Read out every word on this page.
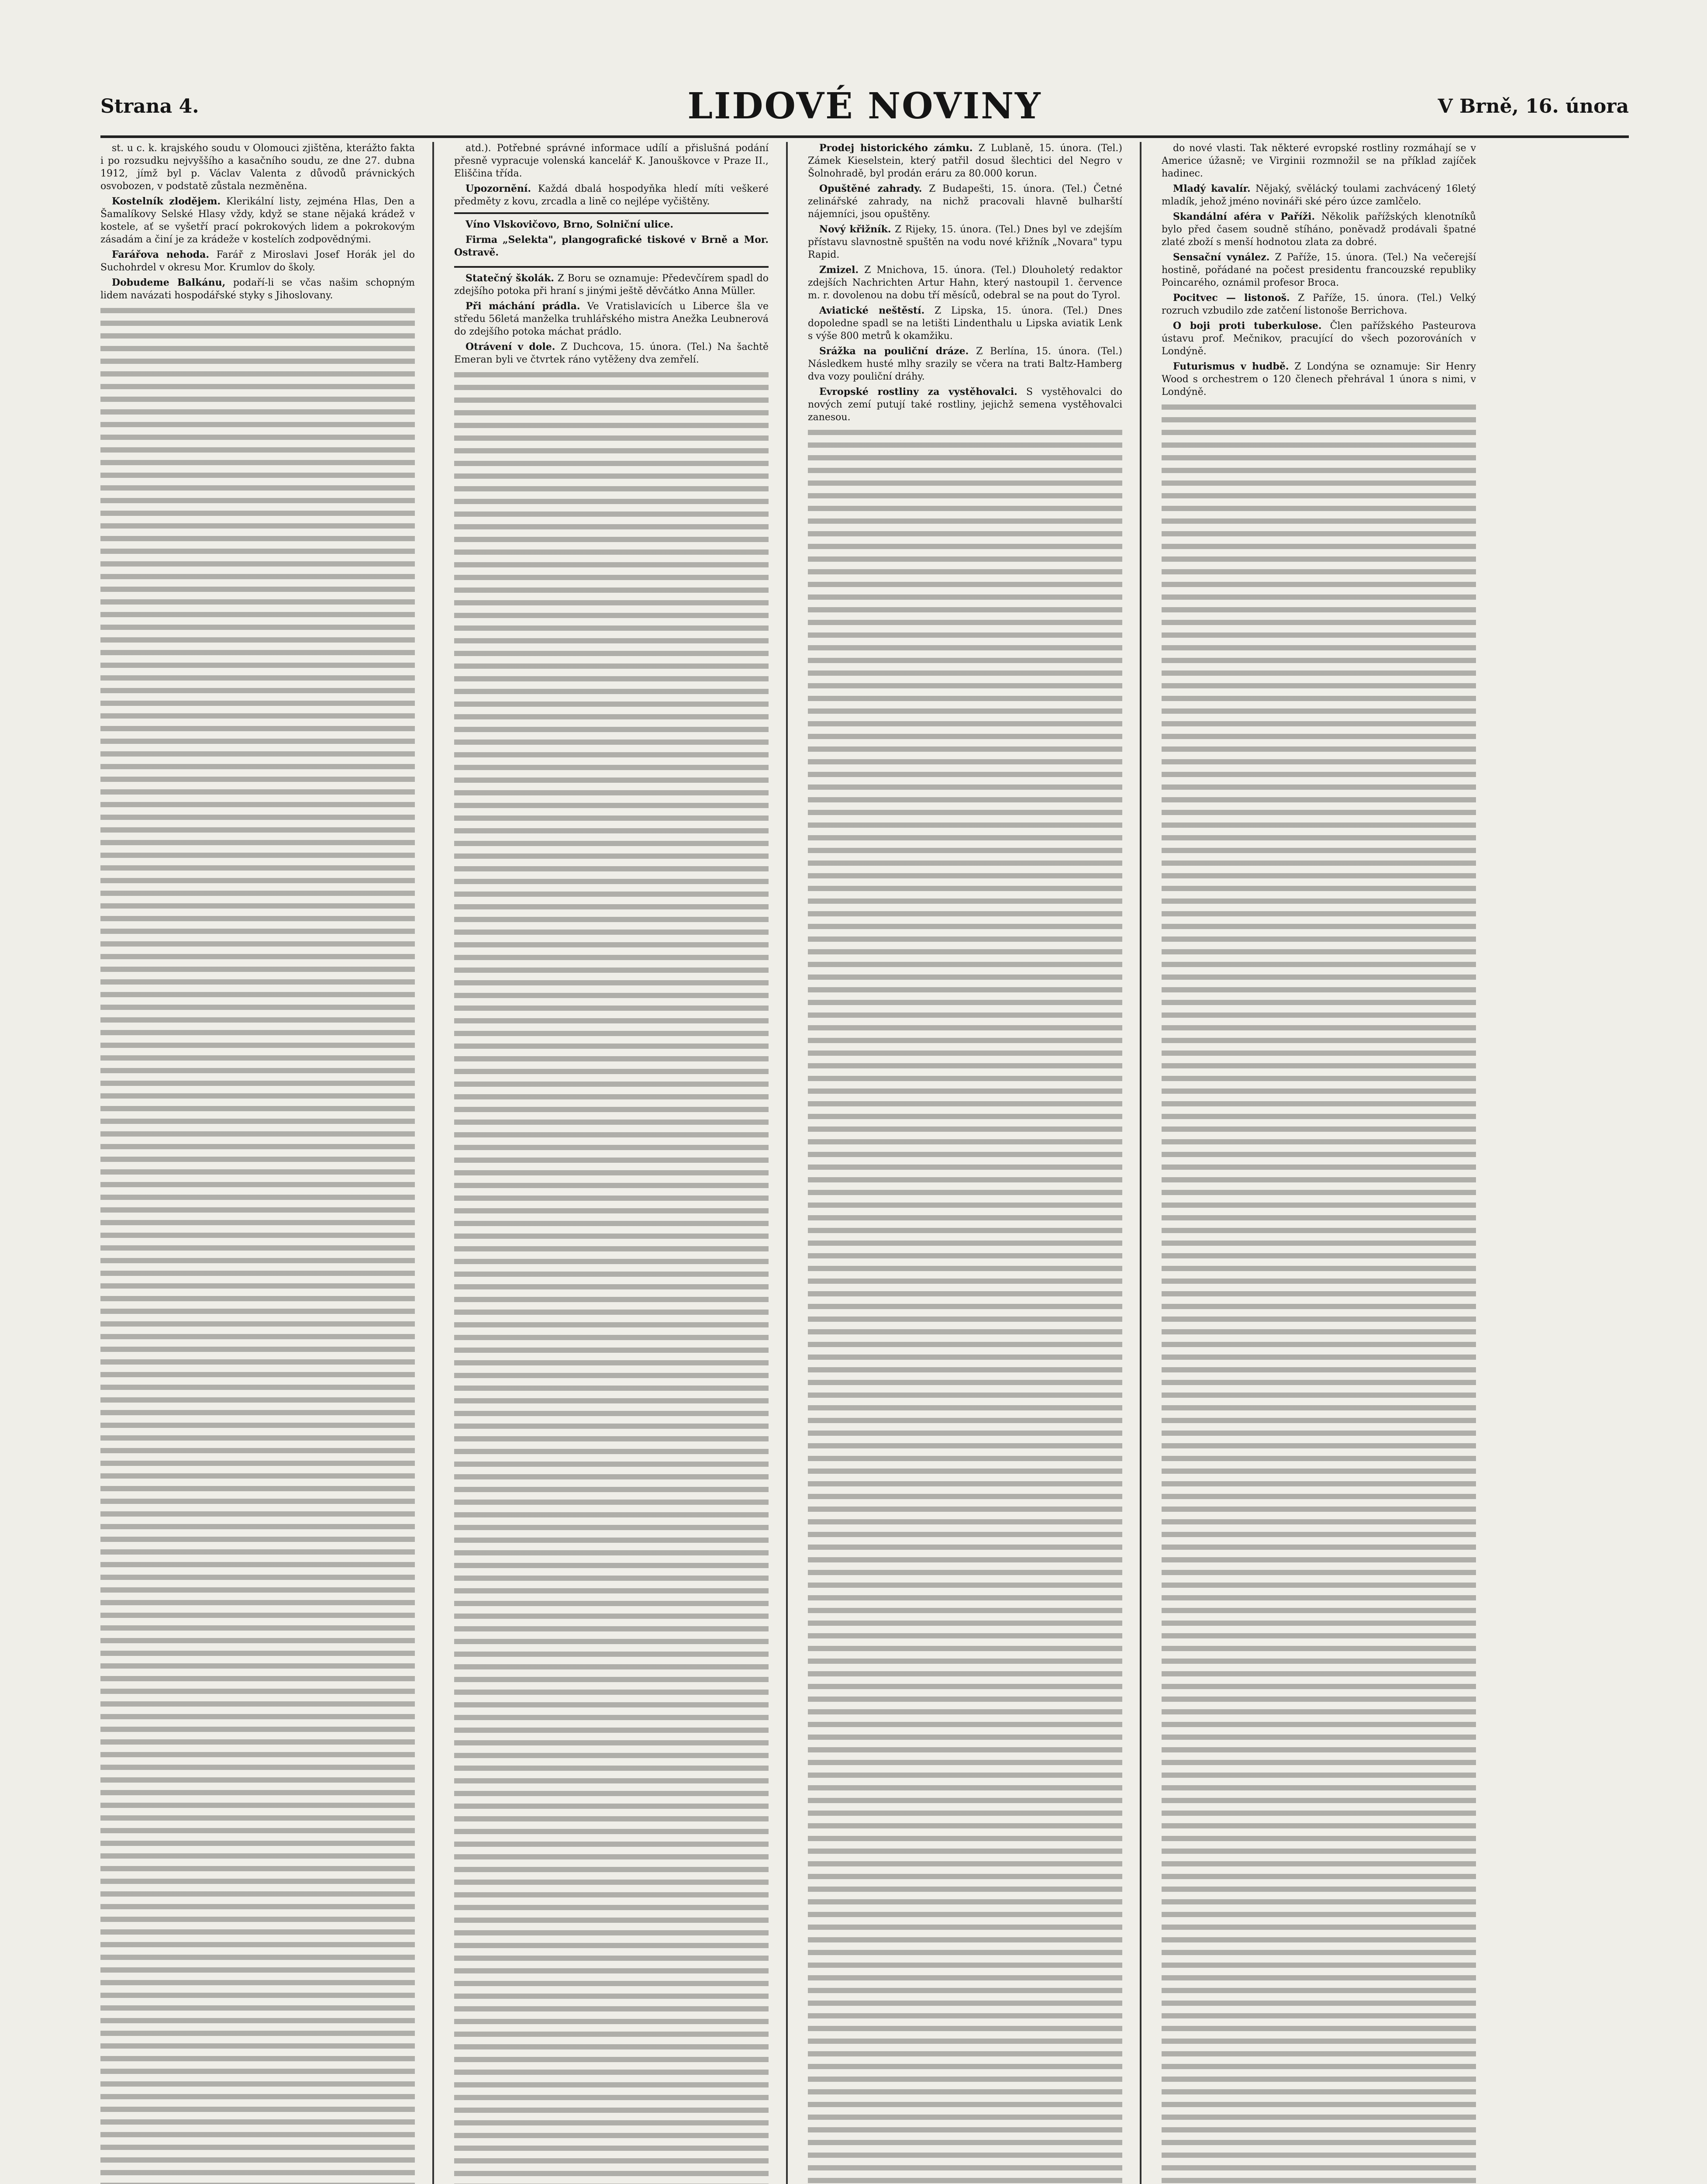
Strana 4.	LIDOVÉ NOVINY	V Brně, 16. února

st. u c. k. krajského soudu v Olomouci zjištěna, kterážto fakta i po rozsudku nejvyššího a kasačního soudu, ze dne 27. dubna 1912, jímž byl p. Václav Valenta z důvodů právnických osvobozen, v podstatě zůstala nezměněna.

Kostelník zlodějem. Klerikální listy, zejména Hlas, Den a Šamalíkovy Selské Hlasy vždy, když se stane nějaká krádež v kostele, ať se vyšetří prací pokrokových lidem a pokrokovým zásadám a činí je za krádeže v kostelích zodpovědnými.

Farářova nehoda. Farář z Miroslavi Josef Horák jel do Suchohrdel v okresu Mor. Krumlov do školy.

Dobudeme Balkánu, podaří-li se včas našim schopným lidem navázati hospodářské styky s Jihoslovany.

atd.). Potřebné správné informace udílí a přislušná podání přesně vypracuje volenská kancelář K. Janouškovce v Praze II., Eliščina třída.

Upozornění. Každá dbalá hospodyňka hledí míti veškeré předměty z kovu, zrcadla a lině co nejlépe vyčištěny.

Víno Vlskovičovo, Brno, Solniční ulice.

Firma „Selekta", plangografické tiskové v Brně a Mor. Ostravě.

Statečný školák. Z Boru se oznamuje: Předevčírem spadl do zdejšího potoka při hraní s jinými ještě děvčátko Anna Müller.

Při máchání prádla. Ve Vratislavicích u Liberce šla ve středu 56letá manželka truhlářského mistra Anežka Leubnerová do zdejšího potoka máchat prádlo.

Otrávení v dole. Z Duchcova, 15. února. (Tel.) Na šachtě Emeran byli ve čtvrtek ráno vytěženy dva zemřelí.

Prodej historického zámku. Z Lublaně, 15. února. (Tel.) Zámek Kieselstein, který patřil dosud šlechtici del Negro v Šolnohradě, byl prodán eráru za 80.000 korun.

Opuštěné zahrady. Z Budapešti, 15. února. (Tel.) Četné zelinářské zahrady, na nichž pracovali hlavně bulharští nájemníci, jsou opuštěny.

Nový křižník. Z Rijeky, 15. února. (Tel.) Dnes byl ve zdejším přístavu slavnostně spuštěn na vodu nové křižník „Novara" typu Rapid.

Zmizel. Z Mnichova, 15. února. (Tel.) Dlouholetý redaktor zdejších Nachrichten Artur Hahn, který nastoupil 1. července m. r. dovolenou na dobu tří měsíců, odebral se na pout do Tyrol.

Aviatické neštěstí. Z Lipska, 15. února. (Tel.) Dnes dopoledne spadl se na letišti Lindenthalu u Lipska aviatik Lenk s výše 800 metrů k okamžiku.

Srážka na pouliční dráze. Z Berlína, 15. února. (Tel.) Následkem husté mlhy srazily se včera na trati Baltz-Hamberg dva vozy pouliční dráhy.

Evropské rostliny za vystěhovalci. S vystěhovalci do nových zemí putují také rostliny, jejichž semena vystěhovalci zanesou.

do nové vlasti. Tak některé evropské rostliny rozmáhají se v Americe úžasně; ve Virginii rozmnožil se na příklad zajíček hadinec.

Mladý kavalír. Nějaký, svělácký toulami zachvácený 16letý mladík, jehož jméno novináři ské péro úzce zamlčelo.

Skandální aféra v Paříži. Několik pařížských klenotníků bylo před časem soudně stíháno, poněvadž prodávali špatné zlaté zboží s menší hodnotou zlata za dobré.

Sensační vynález. Z Paříže, 15. února. (Tel.) Na večerejší hostině, pořádané na počest presidentu francouzské republiky Poincarého, oznámil profesor Broca.

Pocitvec — listonoš. Z Paříže, 15. února. (Tel.) Velký rozruch vzbudilo zde zatčení listonoše Berrichova.

O boji proti tuberkulose. Člen pařížského Pasteurova ústavu prof. Mečnikov, pracující do všech pozorováních v Londýně.

Futurismus v hudbě. Z Londýna se oznamuje: Sir Henry Wood s orchestrem o 120 členech přehrával 1 února s nimi, v Londýně.
